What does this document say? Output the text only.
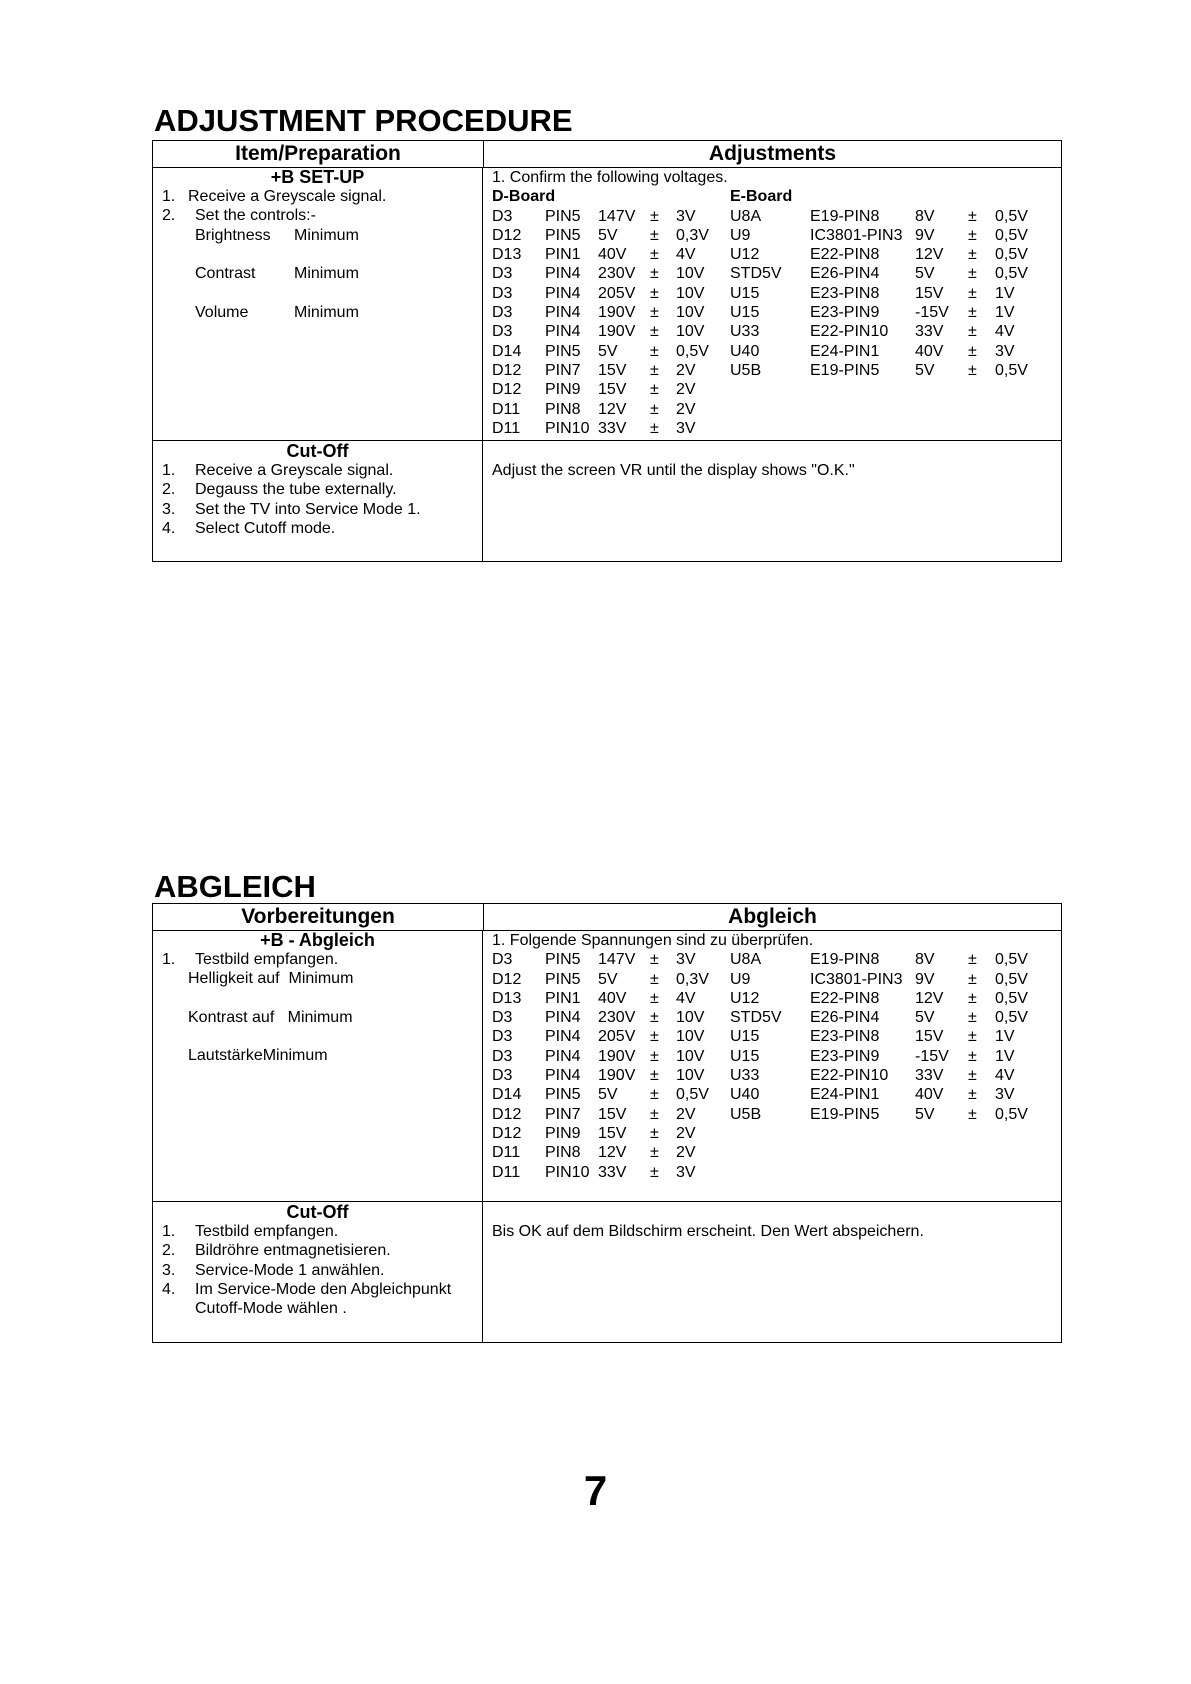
ADJUSTMENT PROCEDURE
Item/Preparation	Adjustments
+B SET-UP
1. Receive a Greyscale signal.
2. Set the controls:-
Brightness Minimum
Contrast Minimum
Volume	Minimum
1. Confirm the following voltages.
D-Board					E-Board				
D3	PIN5	147V	±	3V	U8A	E19-PIN8	8V	±	0,5V
D12	PIN5	5V	±	0,3V	U9	IC3801-PIN3	9V	±	0,5V
D13	PIN1	40V	±	4V	U12	E22-PIN8	12V	±	0,5V
D3	PIN4	230V	±	10V	STD5V	E26-PIN4	5V	±	0,5V
D3	PIN4	205V	±	10V	U15	E23-PIN8	15V	±	1V
D3	PIN4	190V	±	10V	U15	E23-PIN9	-15V	±	1V
D3	PIN4	190V	±	10V	U33	E22-PIN10	33V	±	4V
D14	PIN5	5V	±	0,5V	U40	E24-PIN1	40V	±	3V
D12	PIN7	15V	±	2V	U5B	E19-PIN5	5V	±	0,5V
D12	PIN9	15V	±	2V					
D11	PIN8	12V	±	2V					
D11	PIN10	33V	±	3V					
Cut-Off
1. Receive a Greyscale signal.
2. Degauss the tube externally.
3. Set the TV into Service Mode 1.
4. Select Cutoff mode.
Adjust the screen VR until the display shows "O.K."
ABGLEICH
Vorbereitungen	Abgleich
+B - Abgleich
1. Testbild empfangen.
Helligkeit auf Minimum
Kontrast auf Minimum
LautstärkeMinimum
1. Folgende Spannungen sind zu überprüfen.
D3	PIN5	147V	±	3V	U8A	E19-PIN8	8V	±	0,5V
D12	PIN5	5V	±	0,3V	U9	IC3801-PIN3	9V	±	0,5V
D13	PIN1	40V	±	4V	U12	E22-PIN8	12V	±	0,5V
D3	PIN4	230V	±	10V	STD5V	E26-PIN4	5V	±	0,5V
D3	PIN4	205V	±	10V	U15	E23-PIN8	15V	±	1V
D3	PIN4	190V	±	10V	U15	E23-PIN9	-15V	±	1V
D3	PIN4	190V	±	10V	U33	E22-PIN10	33V	±	4V
D14	PIN5	5V	±	0,5V	U40	E24-PIN1	40V	±	3V
D12	PIN7	15V	±	2V	U5B	E19-PIN5	5V	±	0,5V
D12	PIN9	15V	±	2V					
D11	PIN8	12V	±	2V					
D11	PIN10	33V	±	3V					
Cut-Off
1. Testbild empfangen.
2. Bildröhre entmagnetisieren.
3. Service-Mode 1 anwählen.
4. Im Service-Mode den Abgleichpunkt Cutoff-Mode wählen .
Bis OK auf dem Bildschirm erscheint. Den Wert abspeichern.
7
